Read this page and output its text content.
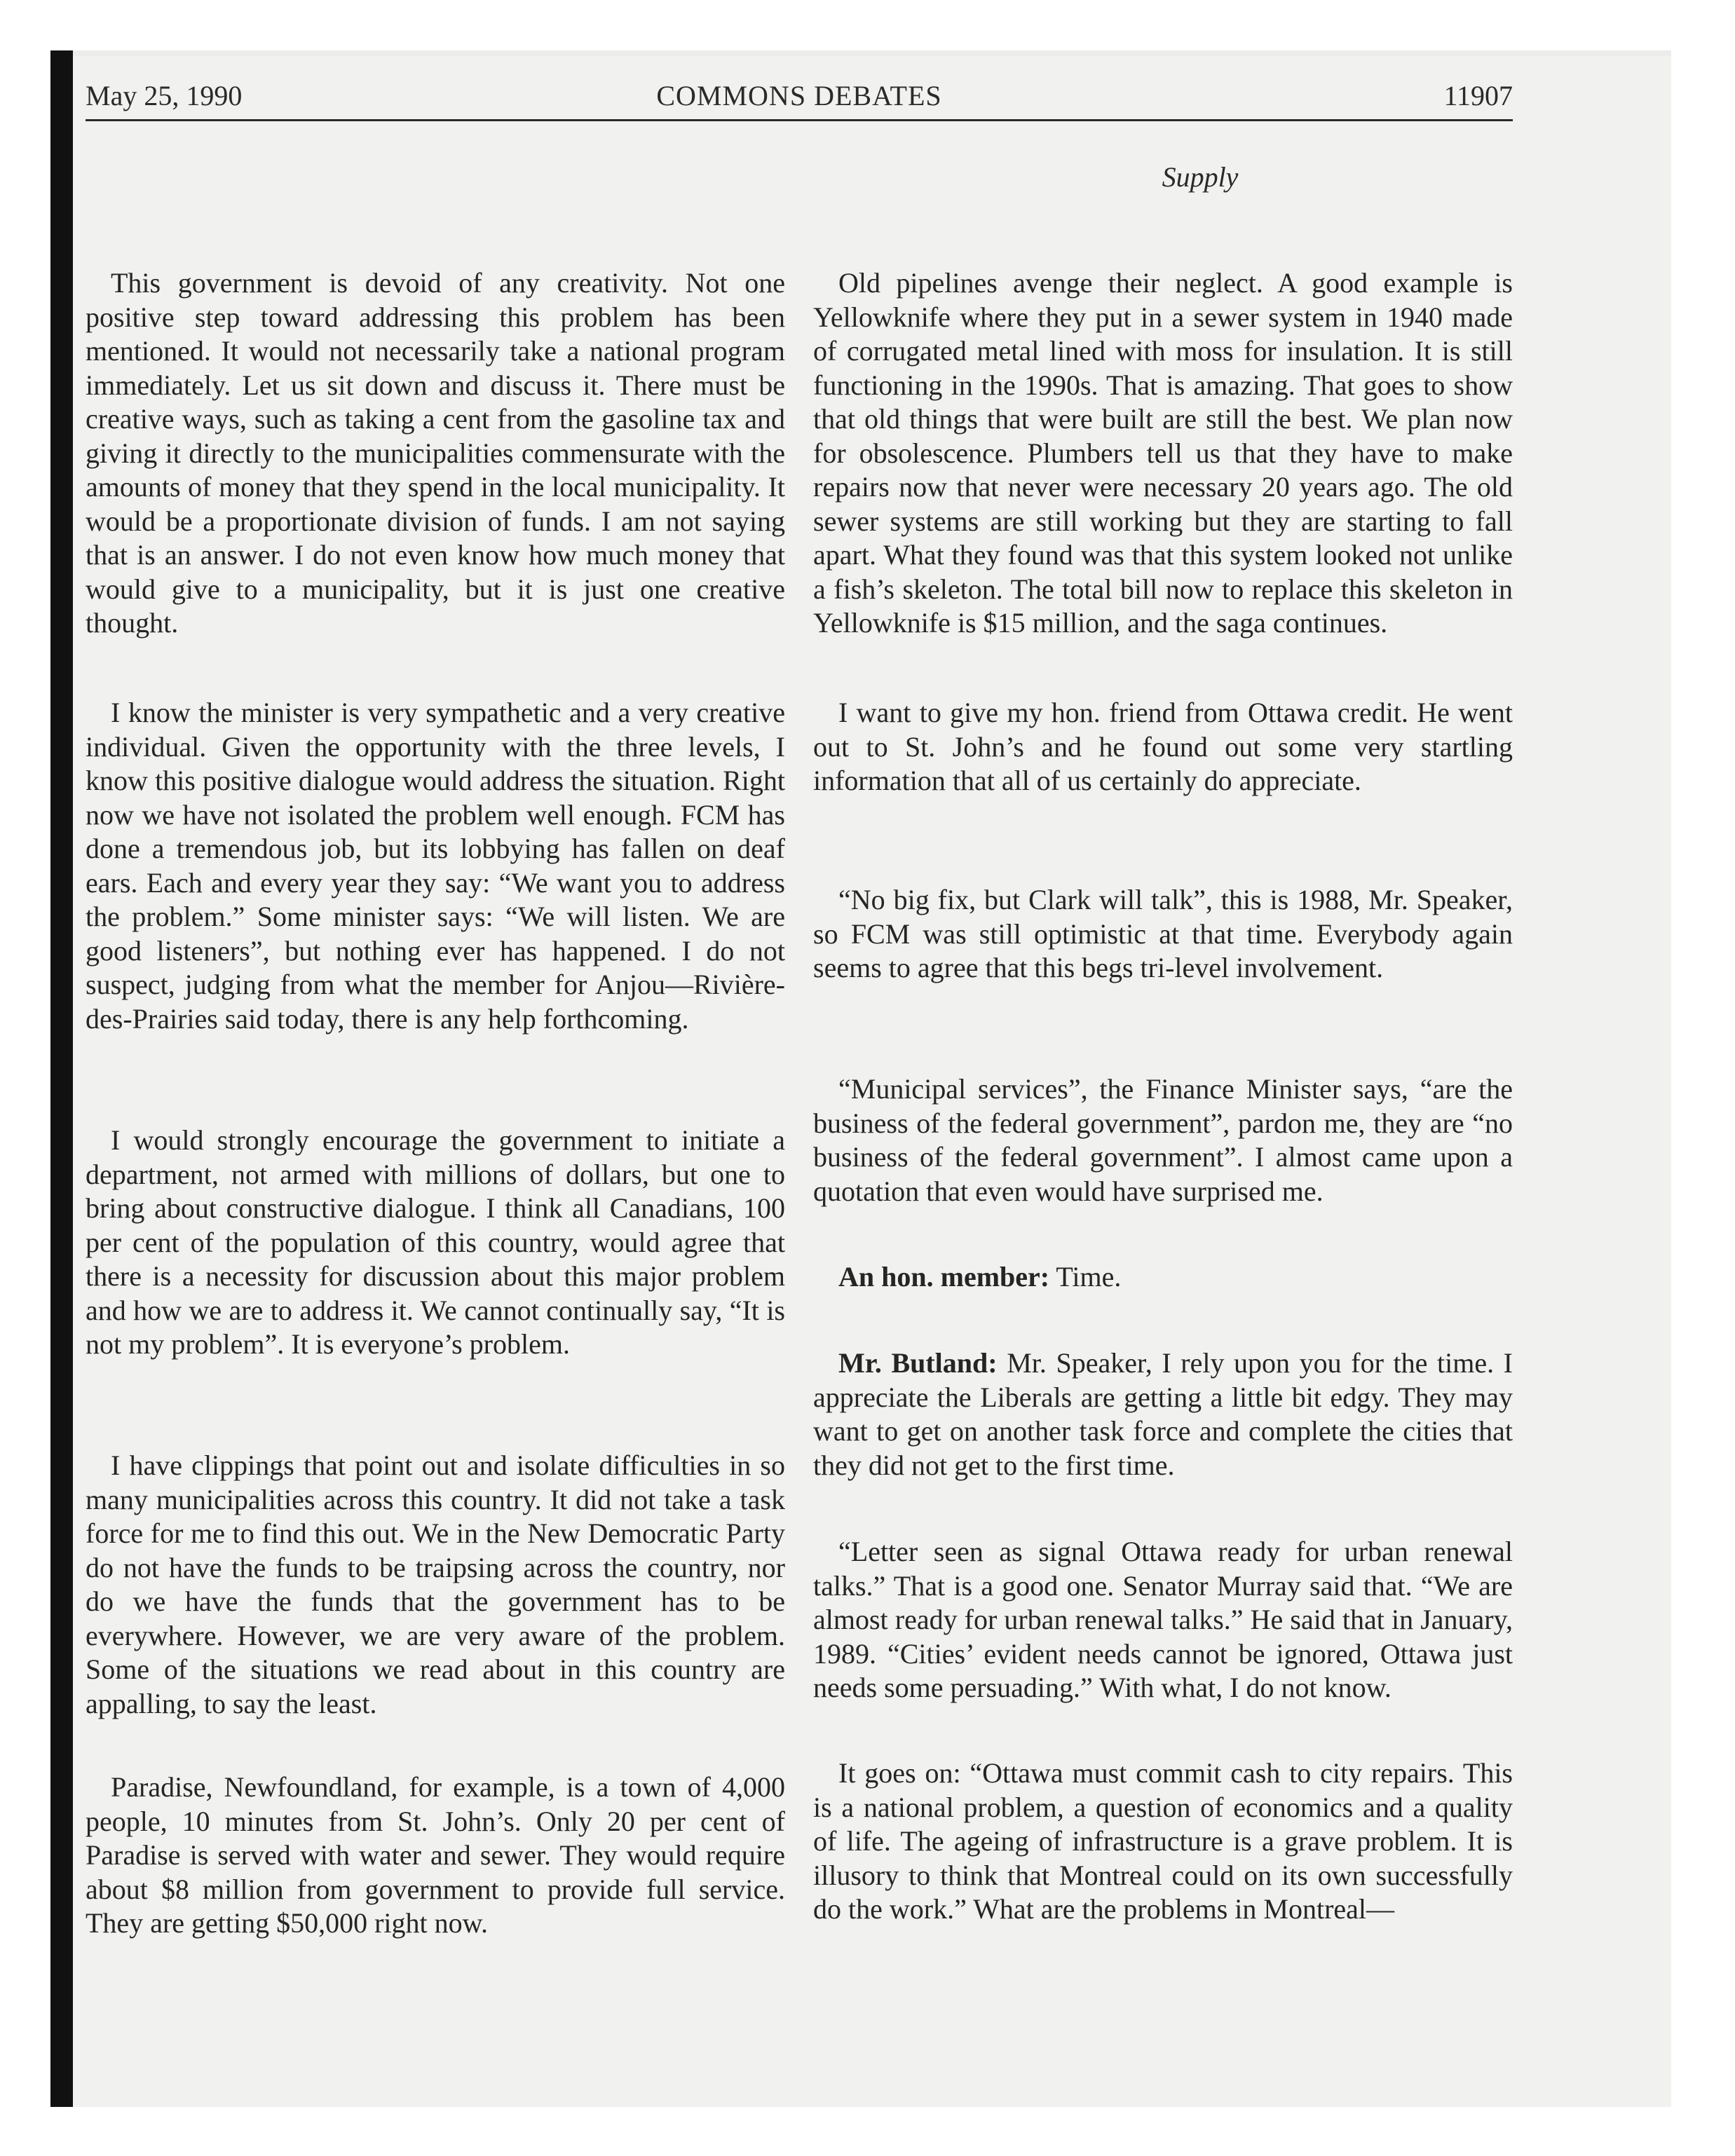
COMMONS DEBATES
May 25, 1990	11907
Supply

This government is devoid of any creativity. Not one positive step toward addressing this problem has been mentioned. It would not necessarily take a national program immediately. Let us sit down and discuss it. There must be creative ways, such as taking a cent from the gasoline tax and giving it directly to the municipalities commensurate with the amounts of money that they spend in the local municipality. It would be a proportionate division of funds. I am not saying that is an answer. I do not even know how much money that would give to a municipality, but it is just one creative thought.

I know the minister is very sympathetic and a very creative individual. Given the opportunity with the three levels, I know this positive dialogue would address the situation. Right now we have not isolated the problem well enough. FCM has done a tremendous job, but its lobbying has fallen on deaf ears. Each and every year they say: “We want you to address the problem.” Some minister says: “We will listen. We are good listeners”, but nothing ever has happened. I do not suspect, judging from what the member for Anjou—Rivière-des-Prairies said today, there is any help forthcoming.

I would strongly encourage the government to initiate a department, not armed with millions of dollars, but one to bring about constructive dialogue. I think all Canadians, 100 per cent of the population of this country, would agree that there is a necessity for discussion about this major problem and how we are to address it. We cannot continually say, “It is not my problem”. It is everyone’s problem.

I have clippings that point out and isolate difficulties in so many municipalities across this country. It did not take a task force for me to find this out. We in the New Democratic Party do not have the funds to be traipsing across the country, nor do we have the funds that the government has to be everywhere. However, we are very aware of the problem. Some of the situations we read about in this country are appalling, to say the least.

Paradise, Newfoundland, for example, is a town of 4,000 people, 10 minutes from St. John’s. Only 20 per cent of Paradise is served with water and sewer. They would require about $8 million from government to provide full service. They are getting $50,000 right now.

Old pipelines avenge their neglect. A good example is Yellowknife where they put in a sewer system in 1940 made of corrugated metal lined with moss for insulation. It is still functioning in the 1990s. That is amazing. That goes to show that old things that were built are still the best. We plan now for obsolescence. Plumbers tell us that they have to make repairs now that never were necessary 20 years ago. The old sewer systems are still working but they are starting to fall apart. What they found was that this system looked not unlike a fish’s skeleton. The total bill now to replace this skeleton in Yellowknife is $15 million, and the saga continues.

I want to give my hon. friend from Ottawa credit. He went out to St. John’s and he found out some very startling information that all of us certainly do appreciate.

“No big fix, but Clark will talk”, this is 1988, Mr. Speaker, so FCM was still optimistic at that time. Everybody again seems to agree that this begs tri-level involvement.

“Municipal services”, the Finance Minister says, “are the business of the federal government”, pardon me, they are “no business of the federal government”. I almost came upon a quotation that even would have surprised me.

An hon. member: Time.

Mr. Butland: Mr. Speaker, I rely upon you for the time. I appreciate the Liberals are getting a little bit edgy. They may want to get on another task force and complete the cities that they did not get to the first time.

“Letter seen as signal Ottawa ready for urban renewal talks.” That is a good one. Senator Murray said that. “We are almost ready for urban renewal talks.” He said that in January, 1989. “Cities’ evident needs cannot be ignored, Ottawa just needs some persuading.” With what, I do not know.

It goes on: “Ottawa must commit cash to city repairs. This is a national problem, a question of economics and a quality of life. The ageing of infrastructure is a grave problem. It is illusory to think that Montreal could on its own successfully do the work.” What are the problems in Montreal—
